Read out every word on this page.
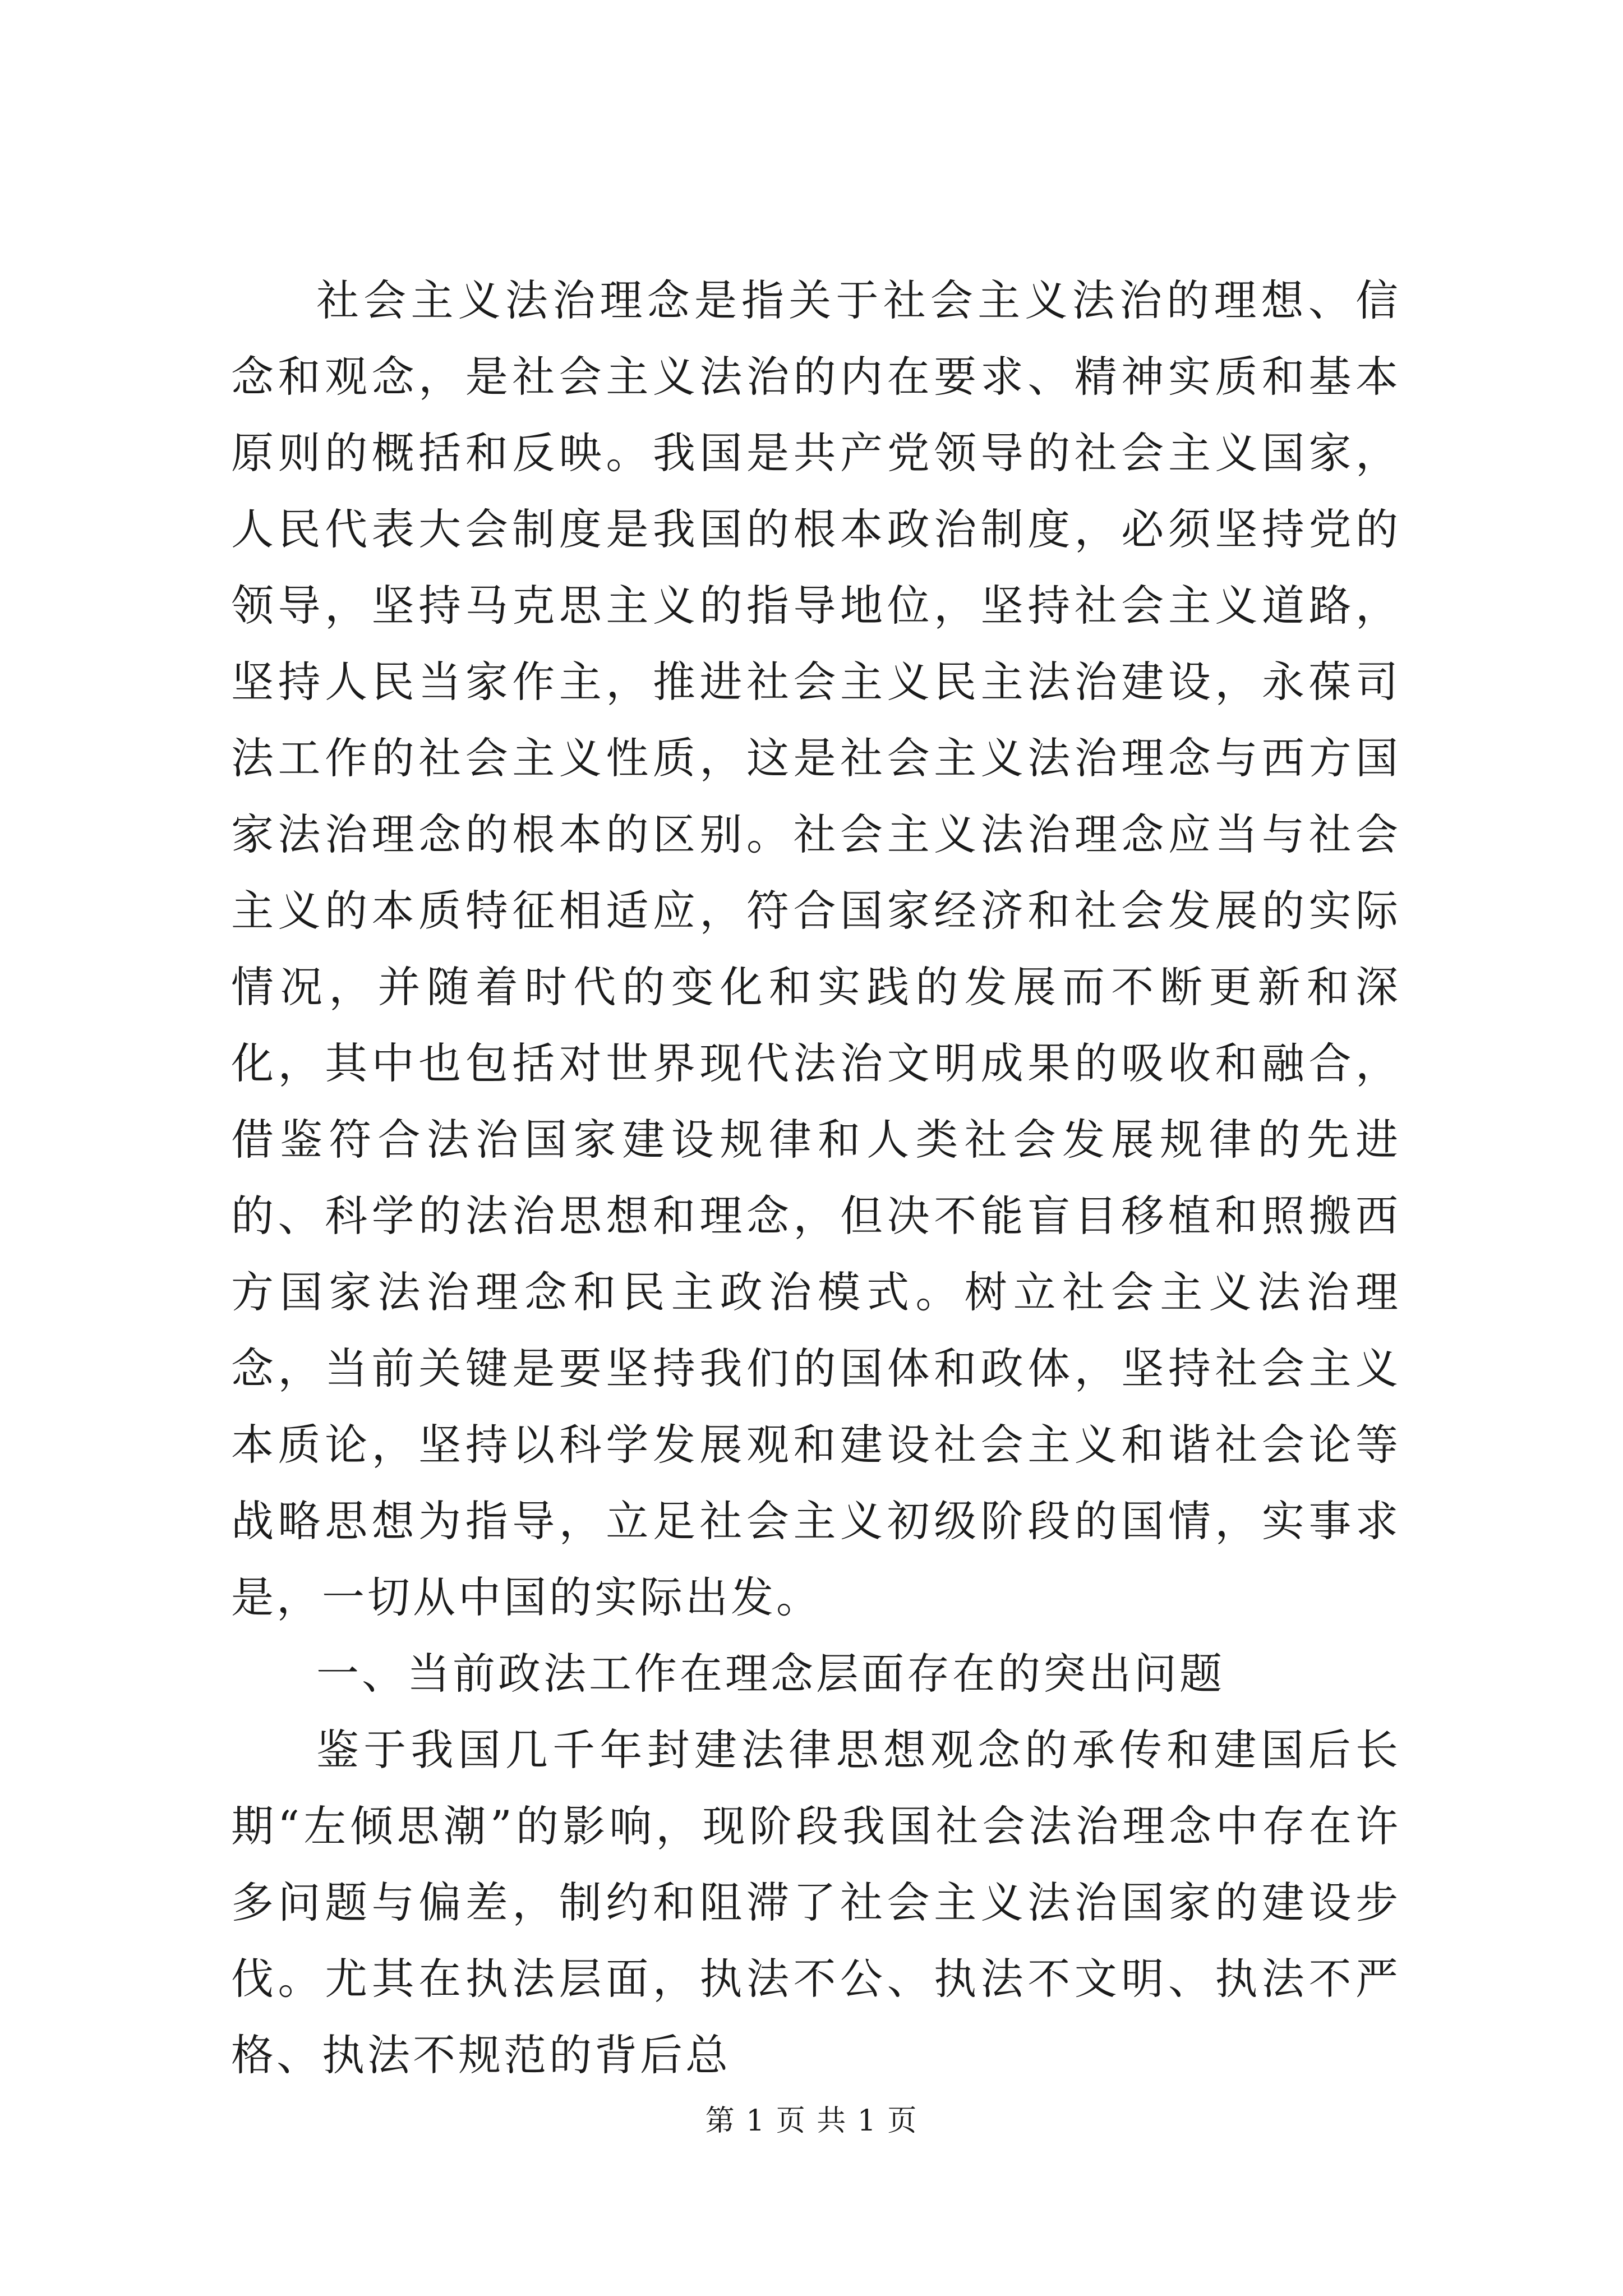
社会主义法治理念是指关于社会主义法治的理想、信念和观念，是社会主义法治的内在要求、精神实质和基本原则的概括和反映。我国是共产党领导的社会主义国家，人民代表大会制度是我国的根本政治制度，必须坚持党的领导，坚持马克思主义的指导地位，坚持社会主义道路，坚持人民当家作主，推进社会主义民主法治建设，永葆司法工作的社会主义性质，这是社会主义法治理念与西方国家法治理念的根本的区别。社会主义法治理念应当与社会主义的本质特征相适应，符合国家经济和社会发展的实际情况，并随着时代的变化和实践的发展而不断更新和深化，其中也包括对世界现代法治文明成果的吸收和融合，借鉴符合法治国家建设规律和人类社会发展规律的先进的、科学的法治思想和理念，但决不能盲目移植和照搬西方国家法治理念和民主政治模式。树立社会主义法治理念，当前关键是要坚持我们的国体和政体，坚持社会主义本质论，坚持以科学发展观和建设社会主义和谐社会论等战略思想为指导，立足社会主义初级阶段的国情，实事求是，一切从中国的实际出发。

一、当前政法工作在理念层面存在的突出问题

鉴于我国几千年封建法律思想观念的承传和建国后长期“左倾思潮”的影响，现阶段我国社会法治理念中存在许多问题与偏差，制约和阻滞了社会主义法治国家的建设步伐。尤其在执法层面，执法不公、执法不文明、执法不严格、执法不规范的背后总

第 1 页 共 1 页
